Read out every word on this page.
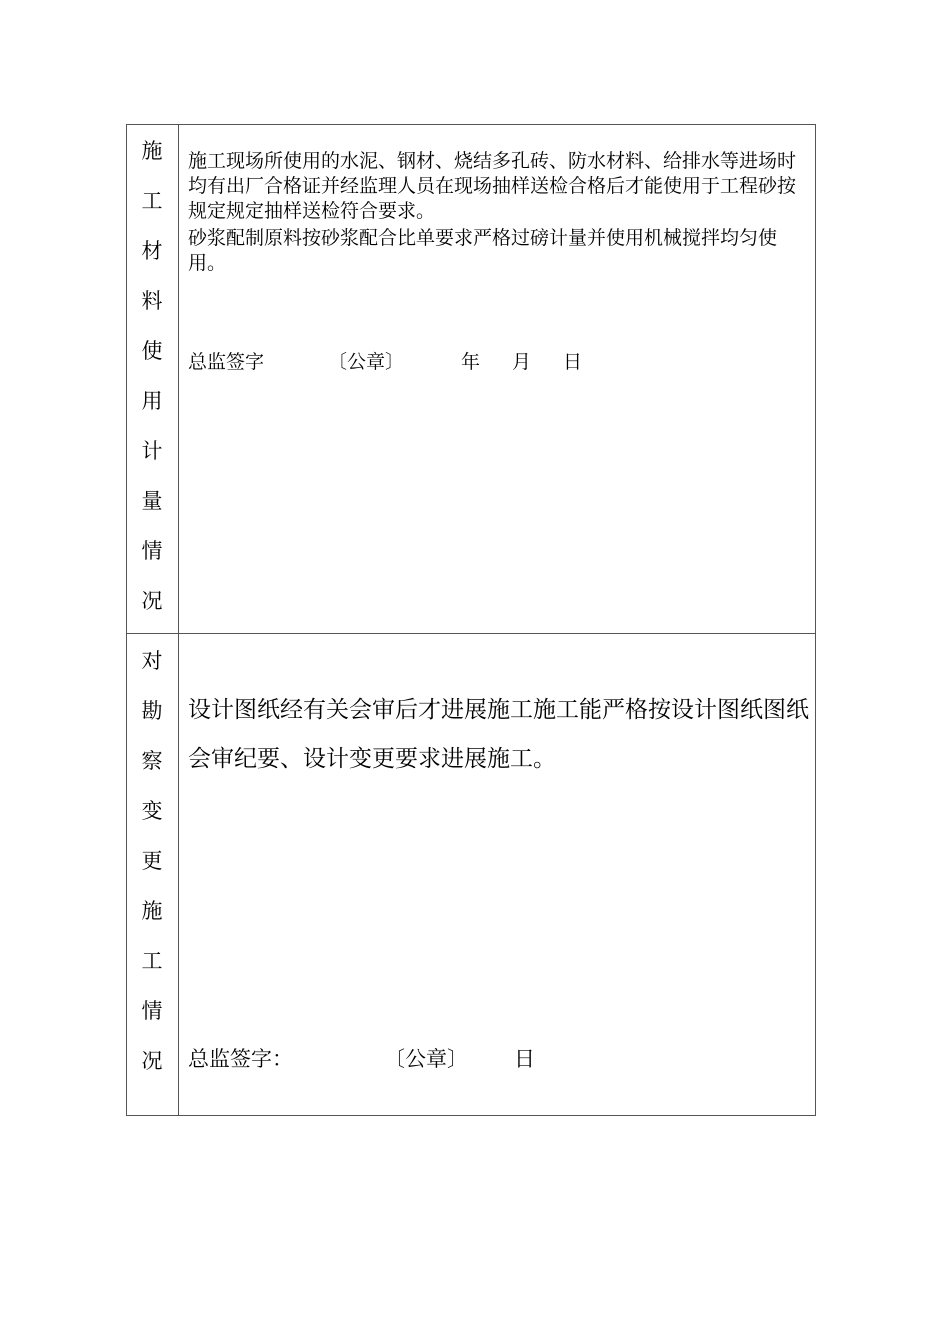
施
工
材
料
使
用
计
量
情
况

施工现场所使用的水泥、钢材、烧结多孔砖、防水材料、给排水等进场时均有出厂合格证并经监理人员在现场抽样送检合格后才能使用于工程砂按规定规定抽样送检符合要求。

砂浆配制原料按砂浆配合比单要求严格过磅计量并使用机械搅拌均匀使用。

总监签字	〔公章〕	年 月 日
对
勘
察
变
更
施
工
情
况

设计图纸经有关会审后才进展施工施工能严格按设计图纸图纸会审纪要、设计变更要求进展施工。

总监签字：	〔公章〕 日
